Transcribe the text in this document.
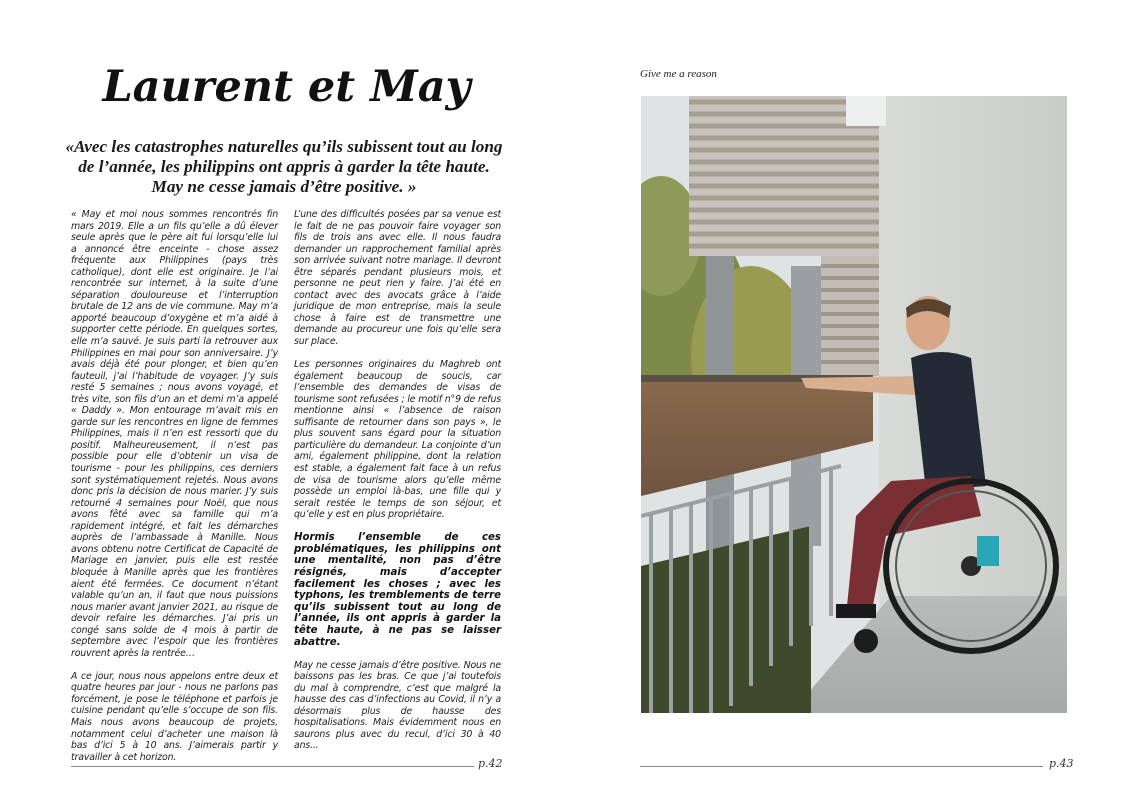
Laurent et May

«Avec les catastrophes naturelles qu’ils subissent tout au long
de l’année, les philippins ont appris à garder la tête haute.
May ne cesse jamais d’être positive. »

« May et moi nous sommes rencontrés fin mars 2019. Elle a un fils qu’elle a dû élever seule après que le père ait fui lorsqu’elle lui a annoncé être enceinte - chose assez fréquente aux Philippines (pays très catholique), dont elle est originaire. Je l’ai rencontrée sur internet, à la suite d’une séparation douloureuse et l’interruption brutale de 12 ans de vie commune. May m’a apporté beaucoup d’oxygène et m’a aidé à supporter cette période. En quelques sortes, elle m’a sauvé. Je suis parti la retrouver aux Philippines en mai pour son anniversaire. J’y avais déjà été pour plonger, et bien qu’en fauteuil, j’ai l’habitude de voyager. J’y suis resté 5 semaines ; nous avons voyagé, et très vite, son fils d’un an et demi m’a appelé « Daddy ». Mon entourage m’avait mis en garde sur les rencontres en ligne de femmes Philippines, mais il n’en est ressorti que du positif. Malheureusement, il n’est pas possible pour elle d’obtenir un visa de tourisme - pour les philippins, ces derniers sont systématiquement rejetés. Nous avons donc pris la décision de nous marier. J’y suis retourné 4 semaines pour Noël, que nous avons fêté avec sa famille qui m’a rapidement intégré, et fait les démarches auprès de l’ambassade à Manille. Nous avons obtenu notre Certificat de Capacité de Mariage en janvier, puis elle est restée bloquée à Manille après que les frontières aient été fermées. Ce document n’étant valable qu’un an, il faut que nous puissions nous marier avant janvier 2021, au risque de devoir refaire les démarches. J’ai pris un congé sans solde de 4 mois à partir de septembre avec l’espoir que les frontières rouvrent après la rentrée…

A ce jour, nous nous appelons entre deux et quatre heures par jour - nous ne parlons pas forcément, je pose le téléphone et parfois je cuisine pendant qu’elle s’occupe de son fils. Mais nous avons beaucoup de projets, notamment celui d’acheter une maison là bas d’ici 5 à 10 ans. J’aimerais partir y travailler à cet horizon.

L’une des difficultés posées par sa venue est le fait de ne pas pouvoir faire voyager son fils de trois ans avec elle. Il nous faudra demander un rapprochement familial après son arrivée suivant notre mariage. Il devront être séparés pendant plusieurs mois, et personne ne peut rien y faire. J’ai été en contact avec des avocats grâce à l’aide juridique de mon entreprise, mais la seule chose à faire est de transmettre une demande au procureur une fois qu’elle sera sur place.

Les personnes originaires du Maghreb ont également beaucoup de soucis, car l’ensemble des demandes de visas de tourisme sont refusées ; le motif n°9 de refus mentionne ainsi « l’absence de raison suffisante de retourner dans son pays », le plus souvent sans égard pour la situation particulière du demandeur. La conjointe d’un ami, également philippine, dont la relation est stable, a également fait face à un refus de visa de tourisme alors qu’elle même possède un emploi là-bas, une fille qui y serait restée le temps de son séjour, et qu’elle y est en plus propriétaire.

Hormis l’ensemble de ces problématiques, les philippins ont une mentalité, non pas d’être résignés, mais d’accepter facilement les choses ; avec les typhons, les tremblements de terre qu’ils subissent tout au long de l’année, ils ont appris à garder la tête haute, à ne pas se laisser abattre.

May ne cesse jamais d’être positive. Nous ne baissons pas les bras. Ce que j’ai toutefois du mal à comprendre, c’est que malgré la hausse des cas d’infections au Covid, il n’y a désormais plus de hausse des hospitalisations. Mais évidemment nous en saurons plus avec du recul, d’ici 30 à 40 ans...

p.42

Give me a reason

p.43
